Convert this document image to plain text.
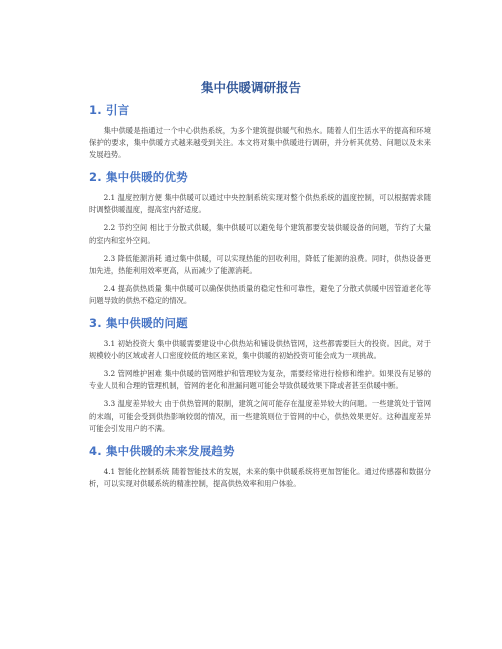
集中供暖调研报告
1. 引言

集中供暖是指通过一个中心供热系统，为多个建筑提供暖气和热水。随着人们生活水平的提高和环境保护的要求，集中供暖方式越来越受到关注。本文将对集中供暖进行调研，并分析其优势、问题以及未来发展趋势。

2. 集中供暖的优势

2.1 温度控制方便 集中供暖可以通过中央控制系统实现对整个供热系统的温度控制，可以根据需求随时调整供暖温度，提高室内舒适度。

2.2 节约空间 相比于分散式供暖，集中供暖可以避免每个建筑都要安装供暖设备的问题，节约了大量的室内和室外空间。

2.3 降低能源消耗 通过集中供暖，可以实现热能的回收利用，降低了能源的浪费。同时，供热设备更加先进，热能利用效率更高，从而减少了能源消耗。

2.4 提高供热质量 集中供暖可以确保供热质量的稳定性和可靠性，避免了分散式供暖中因管道老化等问题导致的供热不稳定的情况。

3. 集中供暖的问题

3.1 初始投资大 集中供暖需要建设中心供热站和铺设供热管网，这些都需要巨大的投资。因此，对于规模较小的区域或者人口密度较低的地区来说，集中供暖的初始投资可能会成为一项挑战。

3.2 管网维护困难 集中供暖的管网维护和管理较为复杂，需要经常进行检修和维护。如果没有足够的专业人员和合理的管理机制，管网的老化和泄漏问题可能会导致供暖效果下降或者甚至供暖中断。

3.3 温度差异较大 由于供热管网的限制，建筑之间可能存在温度差异较大的问题。一些建筑处于管网的末端，可能会受到供热影响较弱的情况，而一些建筑则位于管网的中心，供热效果更好。这种温度差异可能会引发用户的不满。

4. 集中供暖的未来发展趋势

4.1 智能化控制系统 随着智能技术的发展，未来的集中供暖系统将更加智能化。通过传感器和数据分析，可以实现对供暖系统的精准控制，提高供热效率和用户体验。
